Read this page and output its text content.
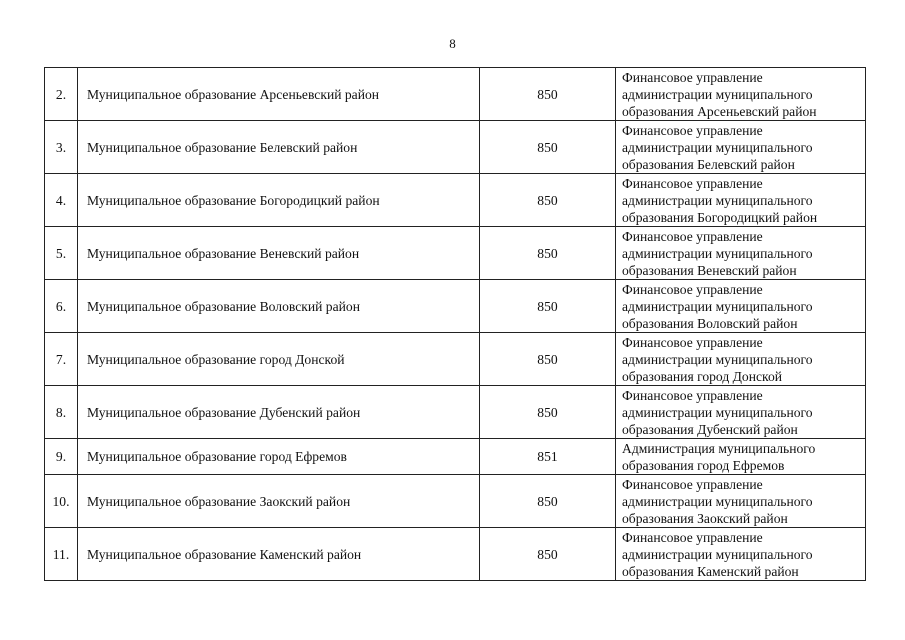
8
2.	Муниципальное образование Арсеньевский район	850	Финансовое управление
администрации муниципального
образования Арсеньевский район
3.	Муниципальное образование Белевский район	850	Финансовое управление
администрации муниципального
образования Белевский район
4.	Муниципальное образование Богородицкий район	850	Финансовое управление
администрации муниципального
образования Богородицкий район
5.	Муниципальное образование Веневский район	850	Финансовое управление
администрации муниципального
образования Веневский район
6.	Муниципальное образование Воловский район	850	Финансовое управление
администрации муниципального
образования Воловский район
7.	Муниципальное образование город Донской	850	Финансовое управление
администрации муниципального
образования город Донской
8.	Муниципальное образование Дубенский район	850	Финансовое управление
администрации муниципального
образования Дубенский район
9.	Муниципальное образование город Ефремов	851	Администрация муниципального
образования город Ефремов
10.	Муниципальное образование Заокский район	850	Финансовое управление
администрации муниципального
образования Заокский район
11.	Муниципальное образование Каменский район	850	Финансовое управление
администрации муниципального
образования Каменский район
